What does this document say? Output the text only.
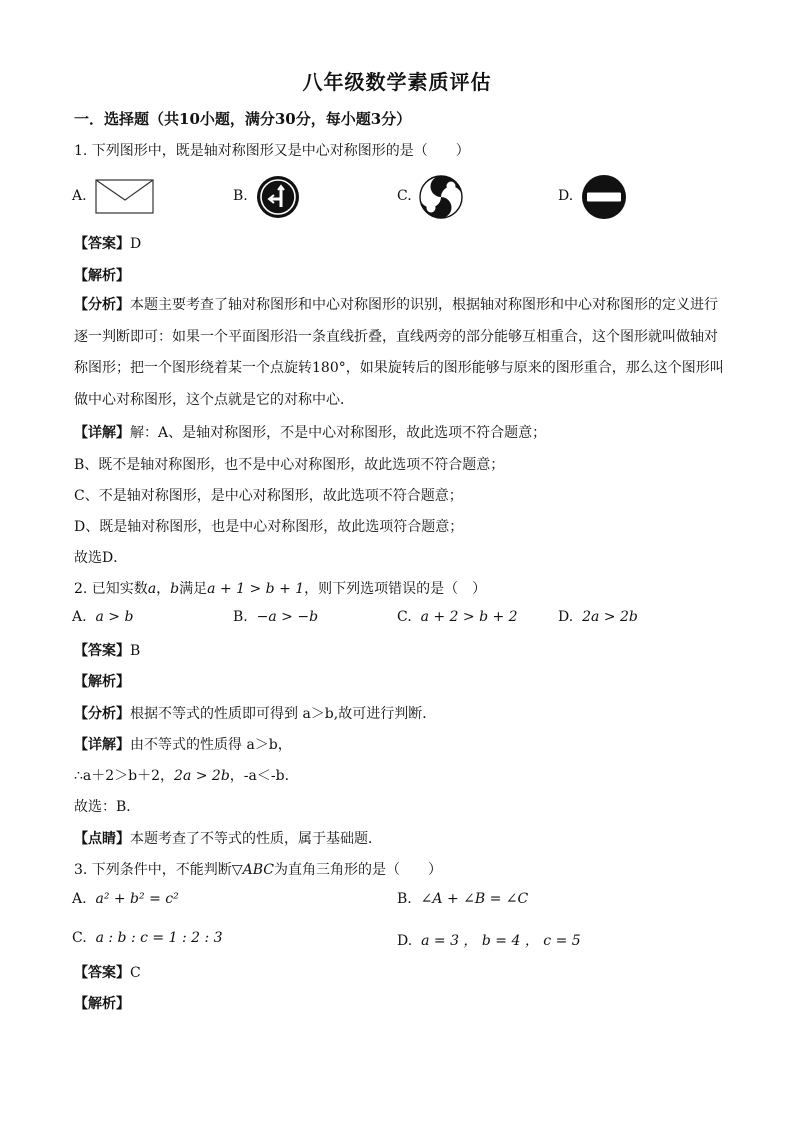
八年级数学素质评估
一．选择题（共10小题，满分30分，每小题3分）
1. 下列图形中，既是轴对称图形又是中心对称图形的是（　　）
A.	B.	C.	D.
【答案】D
【解析】
【分析】本题主要考查了轴对称图形和中心对称图形的识别，根据轴对称图形和中心对称图形的定义进行逐一判断即可：如果一个平面图形沿一条直线折叠，直线两旁的部分能够互相重合，这个图形就叫做轴对称图形；把一个图形绕着某一个点旋转180°，如果旋转后的图形能够与原来的图形重合，那么这个图形叫做中心对称图形，这个点就是它的对称中心．
【详解】解：A、是轴对称图形，不是中心对称图形，故此选项不符合题意；
B、既不是轴对称图形，也不是中心对称图形，故此选项不符合题意；
C、不是轴对称图形，是中心对称图形，故此选项不符合题意；
D、既是轴对称图形，也是中心对称图形，故此选项符合题意；
故选D．
2. 已知实数a，b满足a + 1 > b + 1，则下列选项错误的是（　）
A. a > b	B. −a > −b	C. a + 2 > b + 2	D. 2a > 2b
【答案】B
【解析】
【分析】根据不等式的性质即可得到 a＞b,故可进行判断．
【详解】由不等式的性质得 a＞b，
∴a＋2＞b＋2，2a > 2b，-a＜-b．
故选：B．
【点睛】本题考查了不等式的性质，属于基础题．
3. 下列条件中，不能判断▽ABC为直角三角形的是（　　）
A. a² + b² = c²	B. ∠A + ∠B = ∠C
C. a : b : c = 1 : 2 : 3	D. a = 3 ， b = 4 ， c = 5
【答案】C
【解析】
